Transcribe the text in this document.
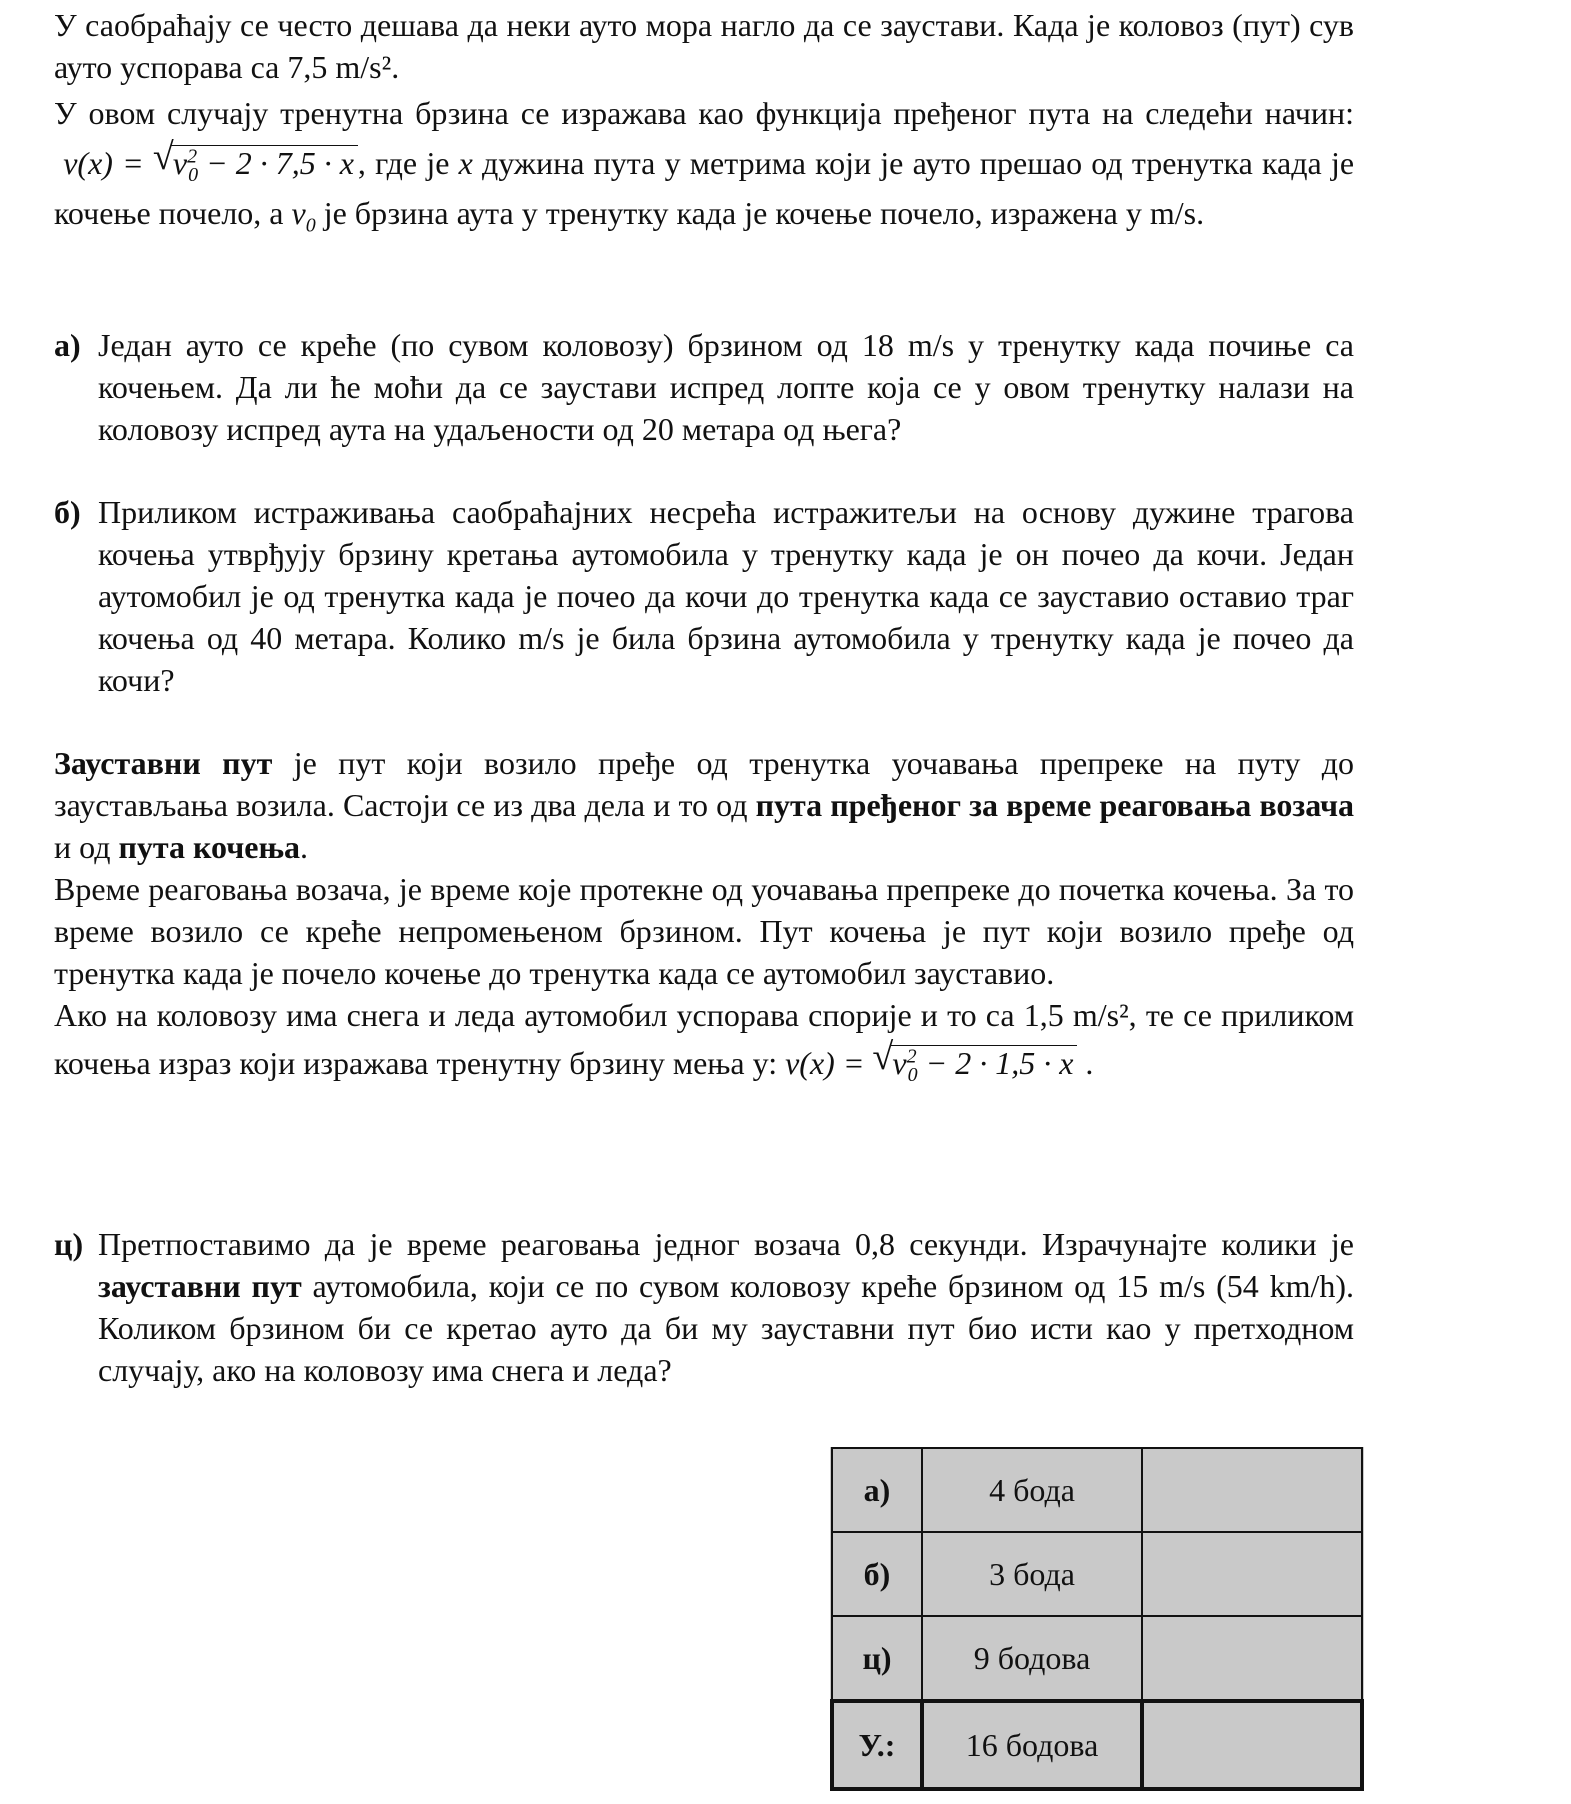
У саобраћају се често дешава да неки ауто мора нагло да се заустави. Када је коловоз (пут) сув ауто успорава са 7,5 m/s².

У овом случају тренутна брзина се изражава као функција пређеног пута на следећи начин:  v(x) = √ $v^2_0 - 2 \cdot 7,5 \cdot x$ , где је x дужина пута у метрима који је ауто прешао од тренутка када је кочење почело, а $v_0$ је брзина аута у тренутку када је кочење почело, изражена у m/s.

а) Један ауто се креће (по сувом коловозу) брзином од 18 m/s у тренутку када почиње са кочењем. Да ли ће моћи да се заустави испред лопте која се у овом тренутку налази на коловозу испред аута на удаљености од 20 метара од њега?

б) Приликом истраживања саобраћајних несрећа истражитељи на основу дужине трагова кочења утврђују брзину кретања аутомобила у тренутку када је он почео да кочи. Један аутомобил је од тренутка када је почео да кочи до тренутка када се зауставио оставио траг кочења од 40 метара. Колико m/s је била брзина аутомобила у тренутку када је почео да кочи?

Зауставни пут је пут који возило пређе од тренутка уочавања препреке на путу до заустављања возила. Састоји се из два дела и то од пута пређеног за време реаговања возача и од пута кочења.

Време реаговања возача, је време које протекне од уочавања препреке до почетка кочења. За то време возило се креће непромењеном брзином. Пут кочења је пут који возило пређе од тренутка када је почело кочење до тренутка када се аутомобил зауставио.

Ако на коловозу има снега и леда аутомобил успорава спорије и то са 1,5 m/s², те се приликом кочења израз који изражава тренутну брзину мења у: v(x) = √ $v^2_0 - 2 \cdot 1,5 \cdot x$ .

ц) Претпоставимо да је време реаговања једног возача 0,8 секунди. Израчунајте колики је зауставни пут аутомобила, који се по сувом коловозу креће брзином од 15 m/s (54 km/h). Коликом брзином би се кретао ауто да би му зауставни пут био исти као у претходном случају, ако на коловозу има снега и леда?

а)	4 бода	
б)	3 бода	
ц)	9 бодова	
У.:	16 бодова	
